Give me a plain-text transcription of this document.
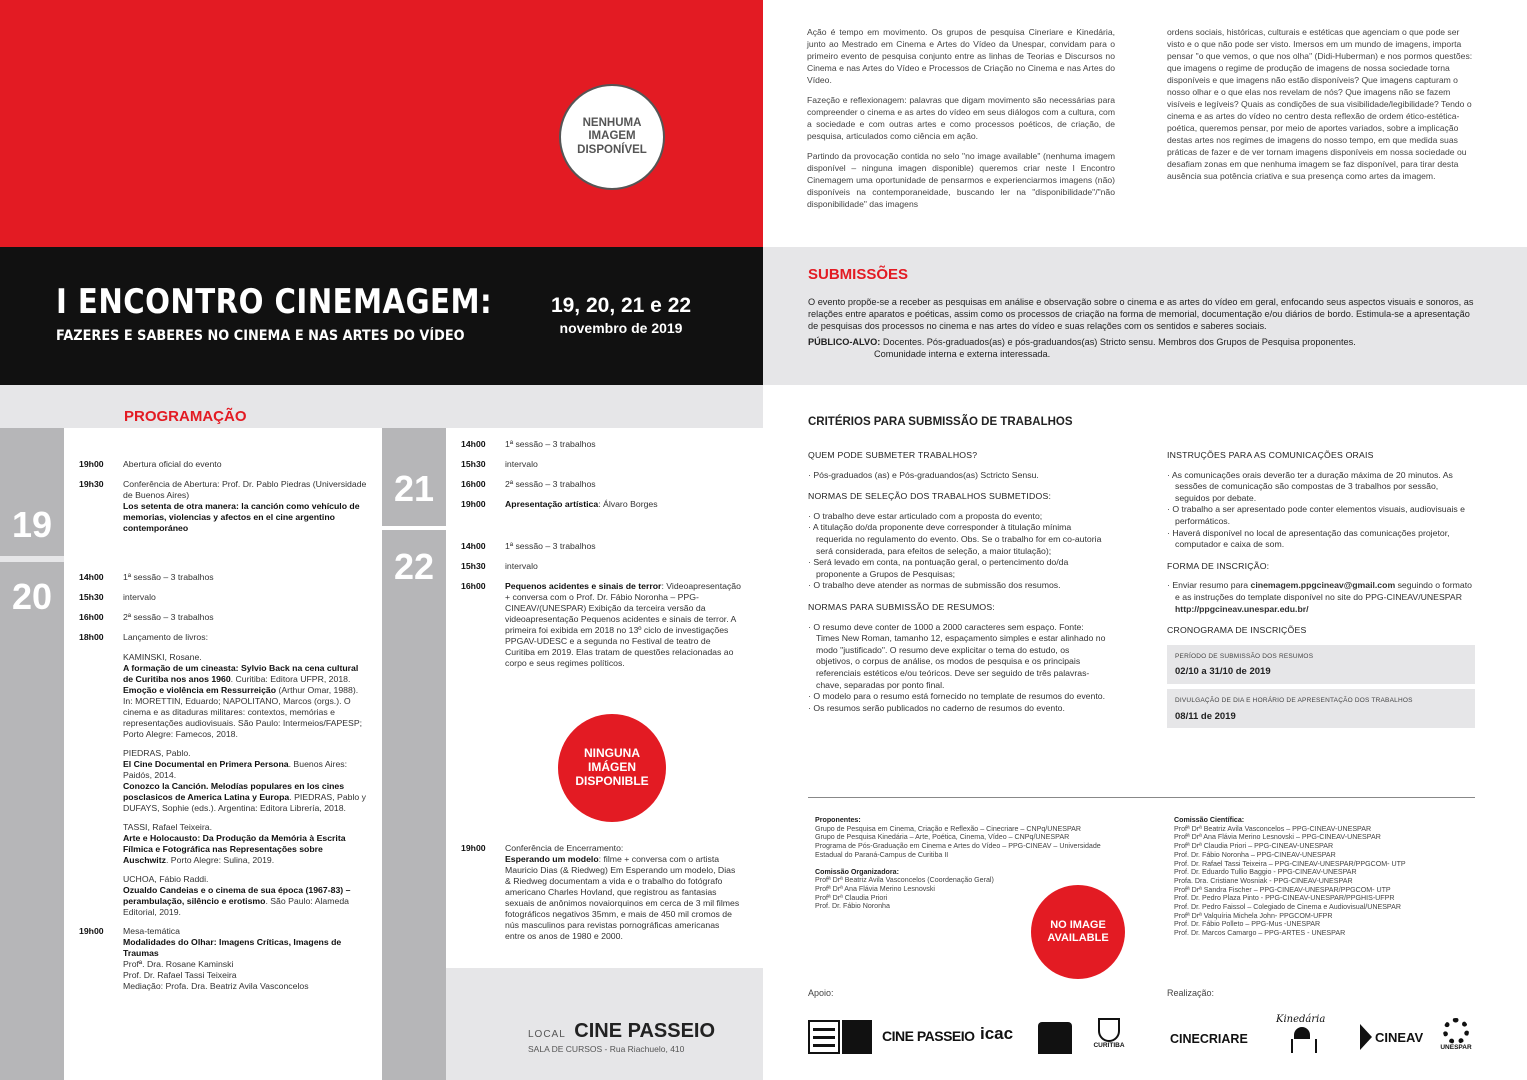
NENHUMA
IMAGEM
DISPONÍVEL

Ação é tempo em movimento. Os grupos de pesquisa Cineriare e Kinedária, junto ao Mestrado em Cinema e Artes do Vídeo da Unespar, convidam para o primeiro evento de pesquisa conjunto entre as linhas de Teorias e Discursos no Cinema e nas Artes do Vídeo e Processos de Criação no Cinema e nas Artes do Vídeo.

Fazeção e reflexionagem: palavras que digam movimento são necessárias para compreender o cinema e as artes do vídeo em seus diálogos com a cultura, com a sociedade e com outras artes e como processos poéticos, de criação, de pesquisa, articulados como ciência em ação.

Partindo da provocação contida no selo "no image available" (nenhuma imagem disponível – ninguna imagen disponible) queremos criar neste I Encontro Cinemagem uma oportunidade de pensarmos e experienciarmos imagens (não) disponíveis na contemporaneidade, buscando ler na "disponibilidade"/"não disponibilidade" das imagens

ordens sociais, históricas, culturais e estéticas que agenciam o que pode ser visto e o que não pode ser visto. Imersos em um mundo de imagens, importa pensar "o que vemos, o que nos olha" (Didi-Huberman) e nos pormos questões: que imagens o regime de produção de imagens de nossa sociedade torna disponíveis e que imagens não estão disponíveis? Que imagens capturam o nosso olhar e o que elas nos revelam de nós? Que imagens não se fazem visíveis e legíveis? Quais as condições de sua visibilidade/legibilidade? Tendo o cinema e as artes do vídeo no centro desta reflexão de ordem ético-estética-poética, queremos pensar, por meio de aportes variados, sobre a implicação destas artes nos regimes de imagens do nosso tempo, em que medida suas práticas de fazer e de ver tornam imagens disponíveis em nossa sociedade ou desafiam zonas em que nenhuma imagem se faz disponível, para tirar desta ausência sua potência criativa e sua presença como artes da imagem.

I ENCONTRO CINEMAGEM:
FAZERES E SABERES NO CINEMA E NAS ARTES DO VÍDEO
19, 20, 21 e 22
novembro de 2019
SUBMISSÕES
O evento propõe-se a receber as pesquisas em análise e observação sobre o cinema e as artes do vídeo em geral, enfocando seus aspectos visuais e sonoros, as relações entre aparatos e poéticas, assim como os processos de criação na forma de memorial, documentação e/ou diários de bordo. Estimula-se a apresentação de pesquisas dos processos no cinema e nas artes do vídeo e suas relações com os sentidos e saberes sociais.
PÚBLICO-ALVO: Docentes. Pós-graduados(as) e pós-graduandos(as) Stricto sensu. Membros dos Grupos de Pesquisa proponentes.
Comunidade interna e externa interessada.
PROGRAMAÇÃO
19
20
21
22
19h00	Abertura oficial do evento
19h30	Conferência de Abertura: Prof. Dr. Pablo Piedras (Universidade de Buenos Aires)
Los setenta de otra manera: la canción como vehículo de memorias, violencias y afectos en el cine argentino contemporáneo
14h00	1ª sessão – 3 trabalhos
15h30	intervalo
16h00	2ª sessão – 3 trabalhos
18h00	Lançamento de livros:
KAMINSKI, Rosane.
A formação de um cineasta: Sylvio Back na cena cultural de Curitiba nos anos 1960. Curitiba: Editora UFPR, 2018.
Emoção e violência em Ressurreição (Arthur Omar, 1988). In: MORETTIN, Eduardo; NAPOLITANO, Marcos (orgs.). O cinema e as ditaduras militares: contextos, memórias e representações audiovisuais. São Paulo: Intermeios/FAPESP; Porto Alegre: Famecos, 2018.
PIEDRAS, Pablo.
El Cine Documental en Primera Persona. Buenos Aires: Paidós, 2014.
Conozco la Canción. Melodías populares en los cines posclasicos de America Latina y Europa. PIEDRAS, Pablo y DUFAYS, Sophie (eds.). Argentina: Editora Librería, 2018.
TASSI, Rafael Teixeira.
Arte e Holocausto: Da Produção da Memória à Escrita Fílmica e Fotográfica nas Representações sobre Auschwitz. Porto Alegre: Sulina, 2019.
UCHOA, Fábio Raddi.
Ozualdo Candeias e o cinema de sua época (1967-83) – perambulação, silêncio e erotismo. São Paulo: Alameda Editorial, 2019.
19h00	Mesa-temática
Modalidades do Olhar: Imagens Críticas, Imagens de Traumas
Profª. Dra. Rosane Kaminski
Prof. Dr. Rafael Tassi Teixeira
Mediação: Profa. Dra. Beatriz Avila Vasconcelos
14h00	1ª sessão – 3 trabalhos
15h30	intervalo
16h00	2ª sessão – 3 trabalhos
19h00	Apresentação artística: Álvaro Borges
14h00	1ª sessão – 3 trabalhos
15h30	intervalo
16h00	Pequenos acidentes e sinais de terror: Videoapresentação + conversa com o Prof. Dr. Fábio Noronha – PPG-CINEAV/(UNESPAR) Exibição da terceira versão da videoapresentação Pequenos acidentes e sinais de terror. A primeira foi exibida em 2018 no 13º ciclo de investigações PPGAV-UDESC e a segunda no Festival de teatro de Curitiba em 2019. Elas tratam de questões relacionadas ao corpo e seus regimes políticos.
NINGUNA
IMÁGEN
DISPONIBLE
19h00	Conferência de Encerramento:
Esperando um modelo: filme + conversa com o artista Mauricio Dias (& Riedweg) Em Esperando um modelo, Dias & Riedweg documentam a vida e o trabalho do fotógrafo americano Charles Hovland, que registrou as fantasias sexuais de anônimos novaiorquinos em cerca de 3 mil filmes fotográficos negativos 35mm, e mais de 450 mil cromos de nús masculinos para revistas pornográficas americanas entre os anos de 1980 e 2000.
LOCAL CINE PASSEIO
SALA DE CURSOS - Rua Riachuelo, 410
CRITÉRIOS PARA SUBMISSÃO DE TRABALHOS
QUEM PODE SUBMETER TRABALHOS?
· Pós-graduados (as) e Pós-graduandos(as) Sctricto Sensu.
NORMAS DE SELEÇÃO DOS TRABALHOS SUBMETIDOS:
· O trabalho deve estar articulado com a proposta do evento;
· A titulação do/da proponente deve corresponder à titulação mínima requerida no regulamento do evento. Obs. Se o trabalho for em co-autoria será considerada, para efeitos de seleção, a maior titulação);
· Será levado em conta, na pontuação geral, o pertencimento do/da proponente a Grupos de Pesquisas;
· O trabalho deve atender as normas de submissão dos resumos.
NORMAS PARA SUBMISSÃO DE RESUMOS:
· O resumo deve conter de 1000 a 2000 caracteres sem espaço. Fonte: Times New Roman, tamanho 12, espaçamento simples e estar alinhado no modo "justificado". O resumo deve explicitar o tema do estudo, os objetivos, o corpus de análise, os modos de pesquisa e os principais referenciais estéticos e/ou teóricos. Deve ser seguido de três palavras-chave, separadas por ponto final.
· O modelo para o resumo está fornecido no template de resumos do evento.
· Os resumos serão publicados no caderno de resumos do evento.
INSTRUÇÕES PARA AS COMUNICAÇÕES ORAIS
· As comunicações orais deverão ter a duração máxima de 20 minutos. As sessões de comunicação são compostas de 3 trabalhos por sessão, seguidos por debate.
· O trabalho a ser apresentado pode conter elementos visuais, audiovisuais e performáticos.
· Haverá disponível no local de apresentação das comunicações projetor, computador e caixa de som.
FORMA DE INSCRIÇÃO:
· Enviar resumo para cinemagem.ppgcineav@gmail.com seguindo o formato e as instruções do template disponível no site do PPG-CINEAV/UNESPAR http://ppgcineav.unespar.edu.br/
CRONOGRAMA DE INSCRIÇÕES
PERÍODO DE SUBMISSÃO DOS RESUMOS
02/10 a 31/10 de 2019
DIVULGAÇÃO DE DIA E HORÁRIO DE APRESENTAÇÃO DOS TRABALHOS
08/11 de 2019
Proponentes:
Grupo de Pesquisa em Cinema, Criação e Reflexão – Cinecriare – CNPq/UNESPAR
Grupo de Pesquisa Kinedária – Arte, Poética, Cinema, Vídeo – CNPq/UNESPAR
Programa de Pós-Graduação em Cinema e Artes do Vídeo – PPG-CINEAV – Universidade
Estadual do Paraná-Campus de Curitiba II
Comissão Organizadora:
Profª Drª Beatriz Avila Vasconcelos (Coordenação Geral)
Profª Drª Ana Flávia Merino Lesnovski
Profª Drª Claudia Priori
Prof. Dr. Fábio Noronha
Comissão Científica:
Profª Drª Beatriz Avila Vasconcelos – PPG-CINEAV-UNESPAR
Profª Drª Ana Flávia Merino Lesnovski – PPG-CINEAV-UNESPAR
Profª Drª Claudia Priori – PPG-CINEAV-UNESPAR
Prof. Dr. Fábio Noronha – PPG-CINEAV-UNESPAR
Prof. Dr. Rafael Tassi Teixeira – PPG-CINEAV-UNESPAR/PPGCOM- UTP
Prof. Dr. Eduardo Tullio Baggio - PPG-CINEAV-UNESPAR
Profa. Dra. Cristiane Wosniak - PPG-CINEAV-UNESPAR
Profª Drª Sandra Fischer – PPG-CINEAV-UNESPAR/PPGCOM- UTP
Prof. Dr. Pedro Plaza Pinto - PPG-CINEAV-UNESPAR/PPGHIS-UFPR
Prof. Dr. Pedro Faissol – Colegiado de Cinema e Audiovisual/UNESPAR
Profª Drª Valquíria Michela John- PPGCOM-UFPR
Prof. Dr. Fábio Polleto – PPG-Mus -UNESPAR
Prof. Dr. Marcos Camargo – PPG-ARTES - UNESPAR
NO IMAGE
AVAILABLE
Apoio:	Realização:
CINE PASSEIO icac
CURITIBA	CINECRIARE
Kinedária
CINEAV
UNESPAR
